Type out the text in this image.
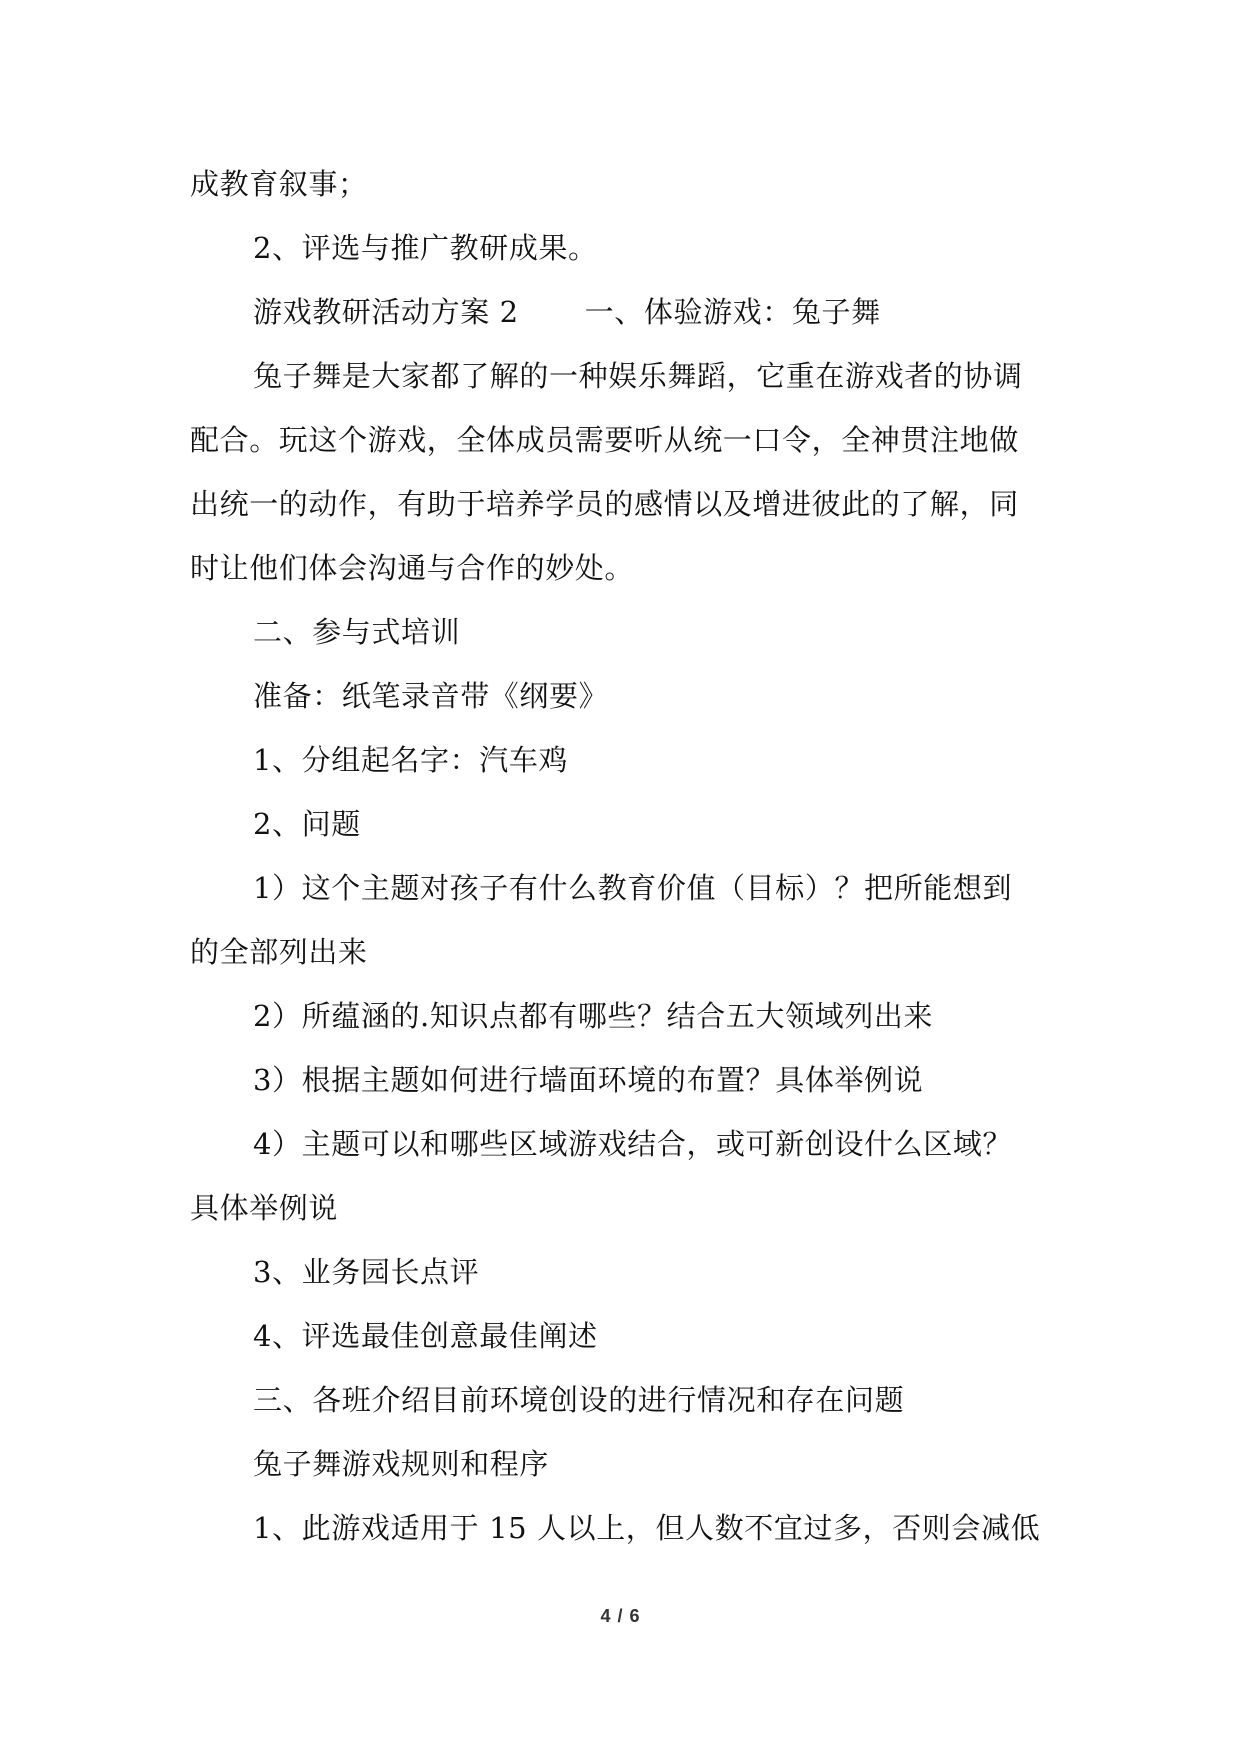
成教育叙事；
2、评选与推广教研成果。
游戏教研活动方案 2 一、体验游戏：兔子舞
兔子舞是大家都了解的一种娱乐舞蹈，它重在游戏者的协调
配合。玩这个游戏，全体成员需要听从统一口令，全神贯注地做
出统一的动作，有助于培养学员的感情以及增进彼此的了解，同
时让他们体会沟通与合作的妙处。
二、参与式培训
准备：纸笔录音带《纲要》
1、分组起名字：汽车鸡
2、问题
1）这个主题对孩子有什么教育价值（目标）？把所能想到
的全部列出来
2）所蕴涵的.知识点都有哪些？结合五大领域列出来
3）根据主题如何进行墙面环境的布置？具体举例说
4）主题可以和哪些区域游戏结合，或可新创设什么区域？
具体举例说
3、业务园长点评
4、评选最佳创意最佳阐述
三、各班介绍目前环境创设的进行情况和存在问题
兔子舞游戏规则和程序
1、此游戏适用于 15 人以上，但人数不宜过多，否则会减低
4 / 6
